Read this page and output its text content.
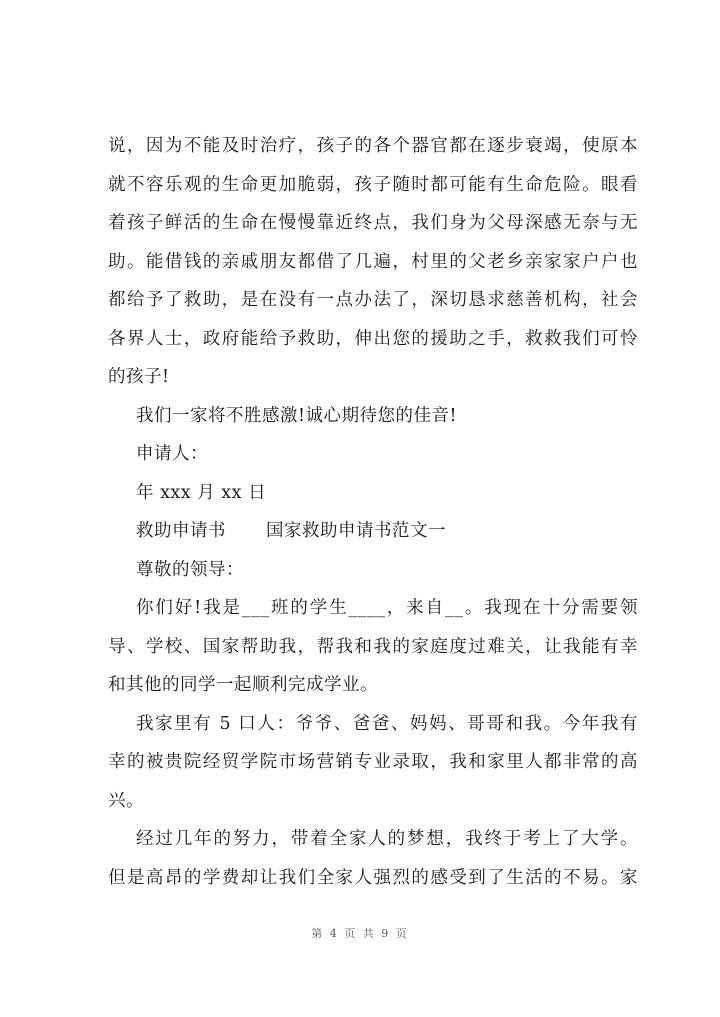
说，因为不能及时治疗，孩子的各个器官都在逐步衰竭，使原本
就不容乐观的生命更加脆弱，孩子随时都可能有生命危险。眼看
着孩子鲜活的生命在慢慢靠近终点，我们身为父母深感无奈与无
助。能借钱的亲戚朋友都借了几遍，村里的父老乡亲家家户户也
都给予了救助，是在没有一点办法了，深切恳求慈善机构，社会
各界人士，政府能给予救助，伸出您的援助之手，救救我们可怜
的孩子!
我们一家将不胜感激!诚心期待您的佳音!
申请人：
年 xxx 月 xx 日
救助申请书 国家救助申请书范文一
尊敬的领导：
你们好!我是___班的学生____，来自__。我现在十分需要领
导、学校、国家帮助我，帮我和我的家庭度过难关，让我能有幸
和其他的同学一起顺利完成学业。
我家里有 5 口人：爷爷、爸爸、妈妈、哥哥和我。今年我有
幸的被贵院经贸学院市场营销专业录取，我和家里人都非常的高
兴。
经过几年的努力，带着全家人的梦想，我终于考上了大学。
但是高昂的学费却让我们全家人强烈的感受到了生活的不易。家
第 4 页 共 9 页
